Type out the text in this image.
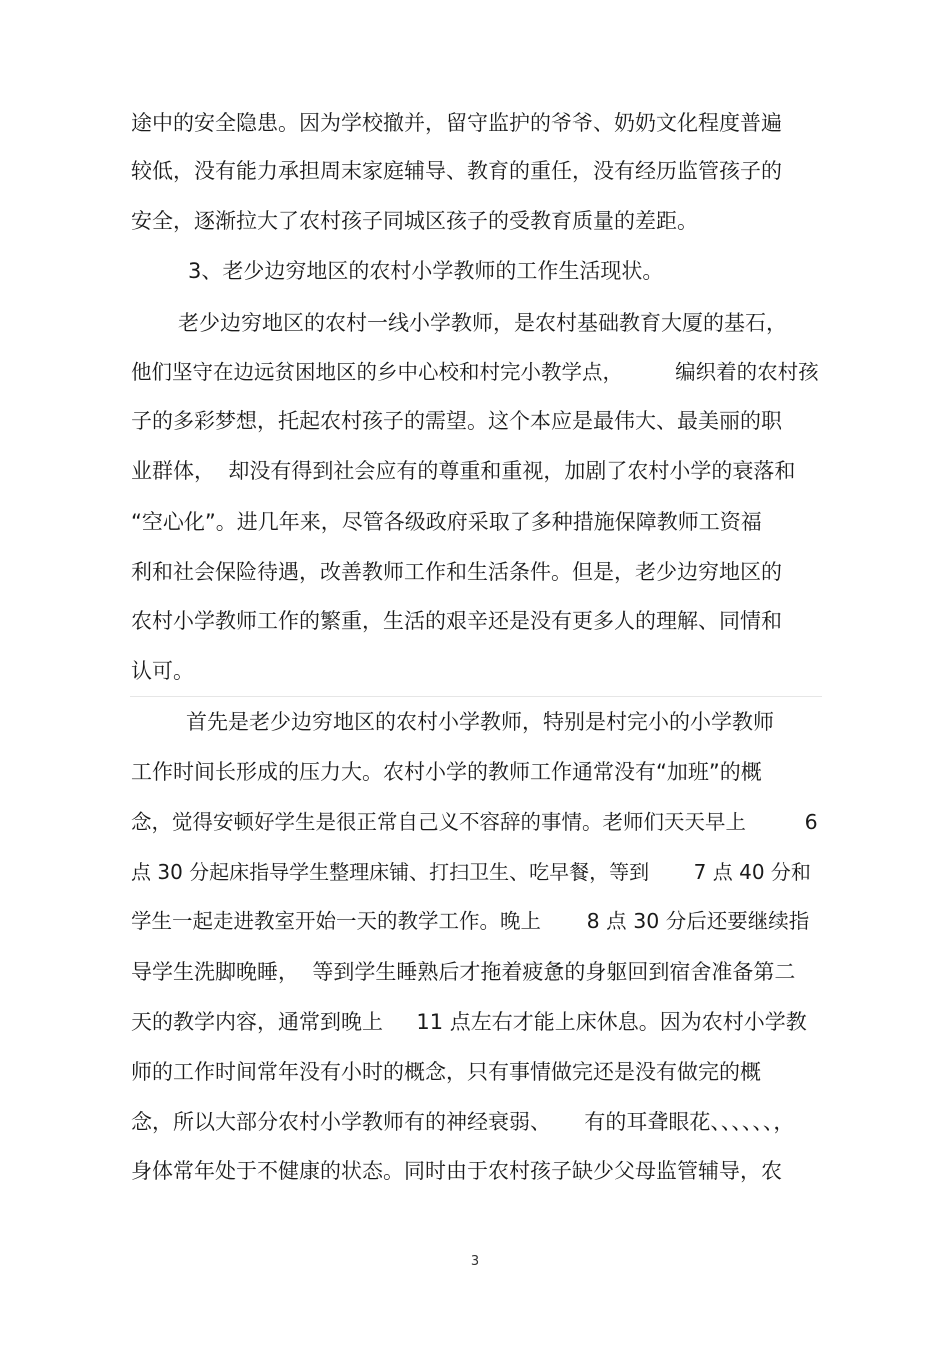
途中的安全隐患。因为学校撤并，留守监护的爷爷、奶奶文化程度普遍

较低，没有能力承担周末家庭辅导、教育的重任，没有经历监管孩子的

安全，逐渐拉大了农村孩子同城区孩子的受教育质量的差距。

3、老少边穷地区的农村小学教师的工作生活现状。

老少边穷地区的农村一线小学教师，是农村基础教育大厦的基石，

他们坚守在边远贫困地区的乡中心校和村完小教学点，        编织着的农村孩

子的多彩梦想，托起农村孩子的需望。这个本应是最伟大、最美丽的职

业群体，  却没有得到社会应有的尊重和重视，加剧了农村小学的衰落和

“空心化”。进几年来，尽管各级政府采取了多种措施保障教师工资福

利和社会保险待遇，改善教师工作和生活条件。但是，老少边穷地区的

农村小学教师工作的繁重，生活的艰辛还是没有更多人的理解、同情和

认可。

首先是老少边穷地区的农村小学教师，特别是村完小的小学教师

工作时间长形成的压力大。农村小学的教师工作通常没有“加班”的概

念，觉得安顿好学生是很正常自己义不容辞的事情。老师们天天早上         6

点 30 分起床指导学生整理床铺、打扫卫生、吃早餐，等到       7 点 40 分和

学生一起走进教室开始一天的教学工作。晚上       8 点 30 分后还要继续指

导学生洗脚晚睡，  等到学生睡熟后才拖着疲惫的身躯回到宿舍准备第二

天的教学内容，通常到晚上     11 点左右才能上床休息。因为农村小学教

师的工作时间常年没有小时的概念，只有事情做完还是没有做完的概

念，所以大部分农村小学教师有的神经衰弱、     有的耳聋眼花、、、、、、，

身体常年处于不健康的状态。同时由于农村孩子缺少父母监管辅导，农

3
